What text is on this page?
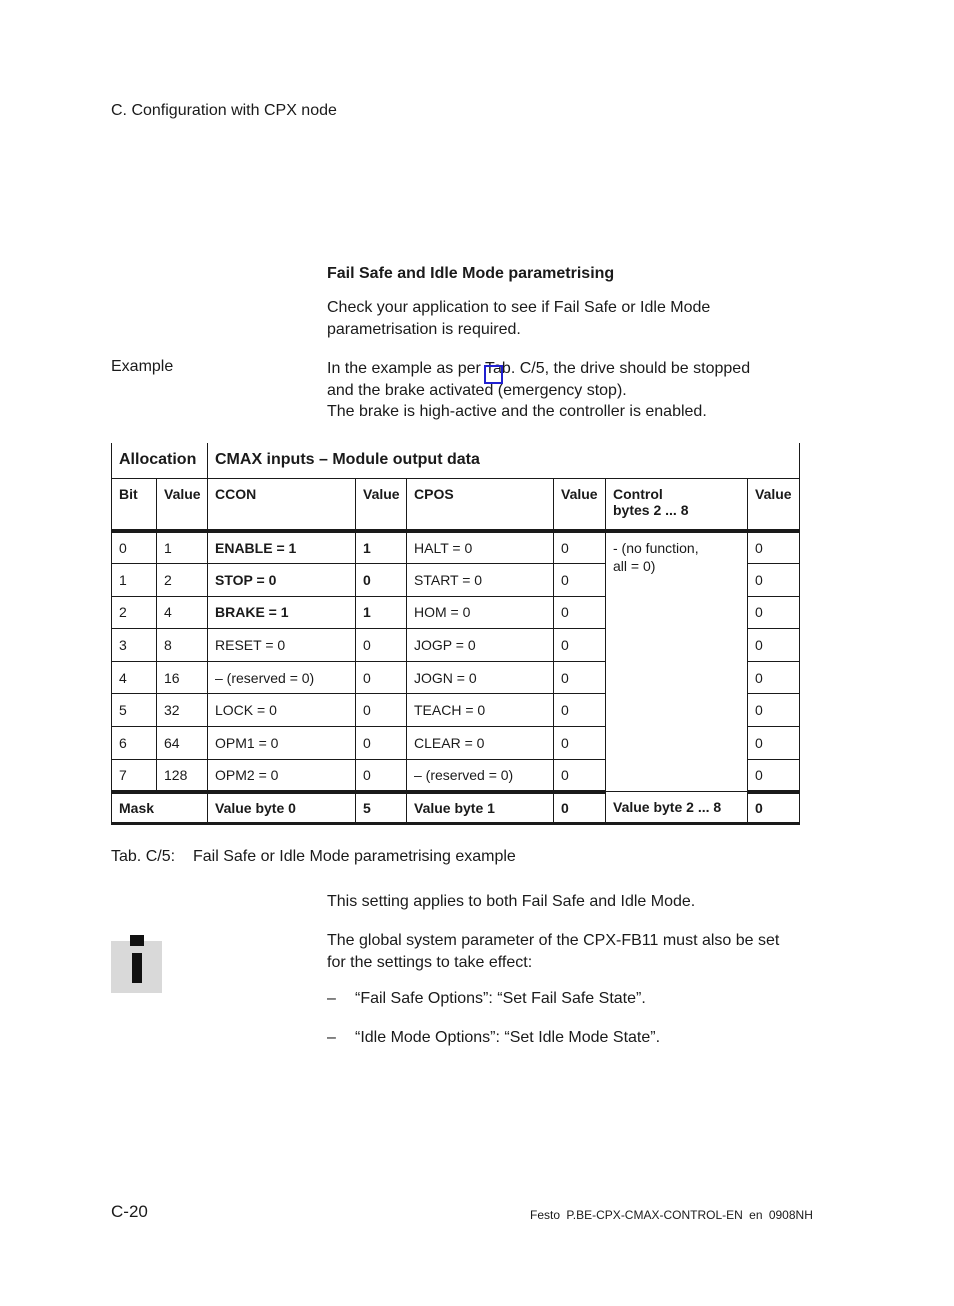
C. Configuration with CPX node
Fail Safe and Idle Mode parametrising
Check your application to see if Fail Safe or Idle Mode parametrisation is required.
Example	In the example as per Tab. C/5, the drive should be stopped
and the brake activated (emergency stop).
The brake is high-active and the controller is enabled.
Allocation		CMAX inputs – Module output data					
Bit	Value	CCON	Value	CPOS	Value	Control
bytes 2 ... 8	Value
0	1	ENABLE = 1	1	HALT = 0	0	- (no function,
all = 0)	0
1	2	STOP = 0	0	START = 0	0		0
2	4	BRAKE = 1	1	HOM = 0	0		0
3	8	RESET = 0	0	JOGP = 0	0		0
4	16	– (reserved = 0)	0	JOGN = 0	0		0
5	32	LOCK = 0	0	TEACH = 0	0		0
6	64	OPM1 = 0	0	CLEAR = 0	0		0
7	128	OPM2 = 0	0	– (reserved = 0)	0		0
Mask		Value byte 0	5	Value byte 1	0	Value byte 2 ... 8	0
Tab. C/5: Fail Safe or Idle Mode parametrising example
This setting applies to both Fail Safe and Idle Mode.
The global system parameter of the CPX-FB11 must also be set for the settings to take effect:
– “Fail Safe Options”: “Set Fail Safe State”.
– “Idle Mode Options”: “Set Idle Mode State”.
C-20	Festo P.BE-CPX-CMAX-CONTROL-EN en 0908NH
